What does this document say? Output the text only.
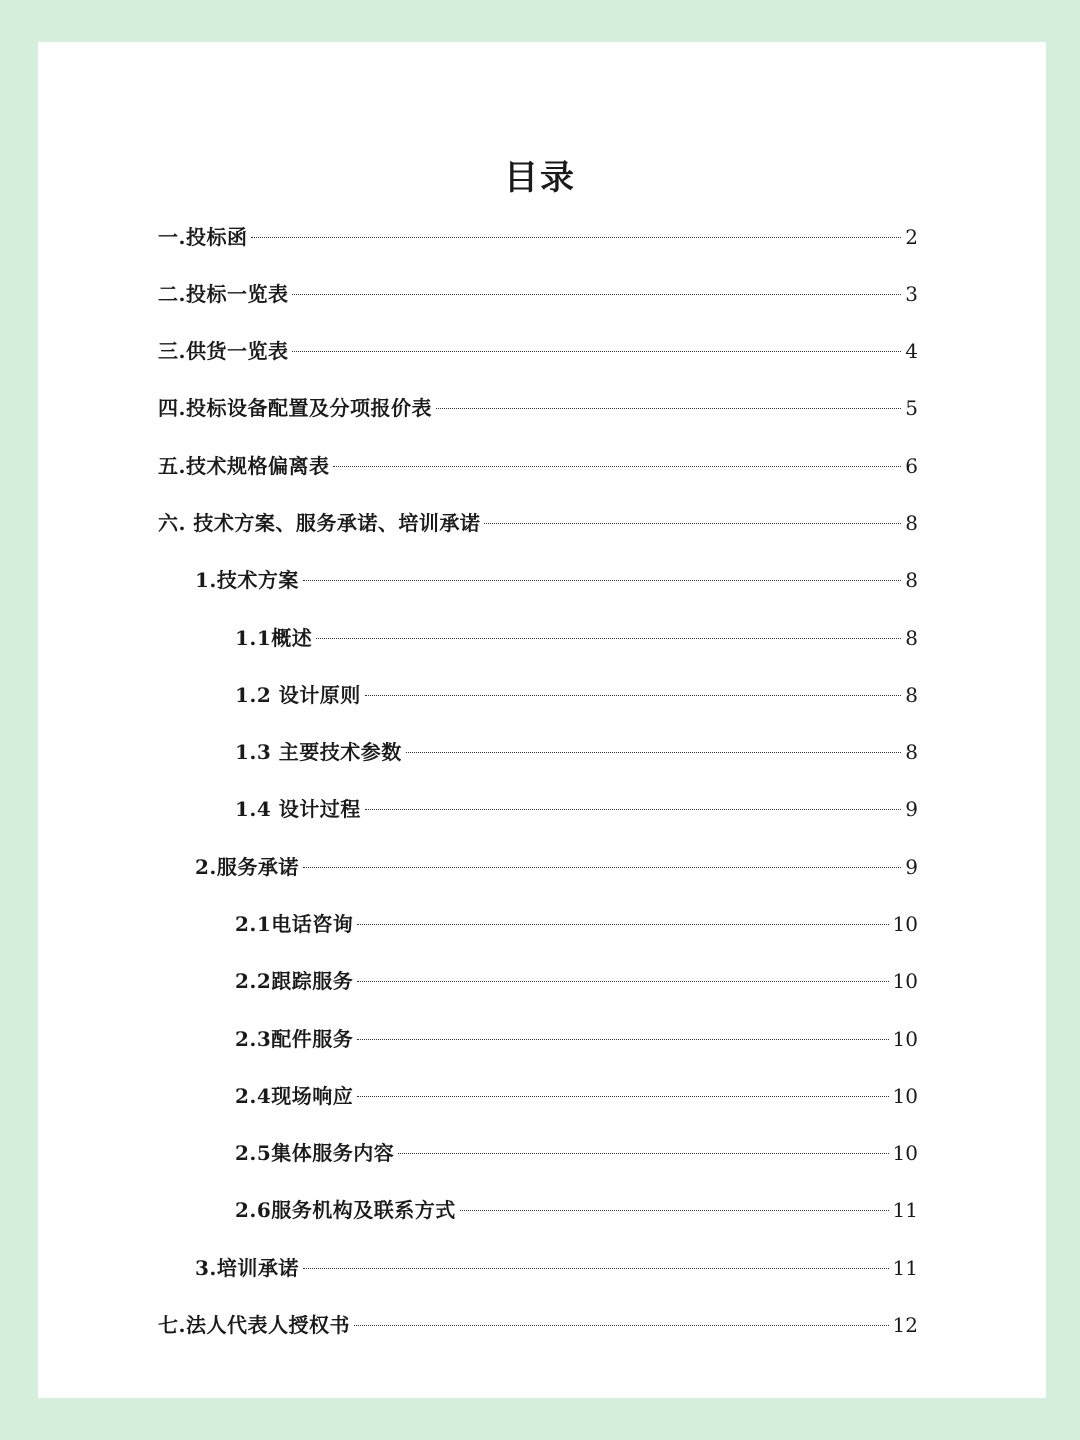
目录
一.投标函	2
二.投标一览表	3
三.供货一览表	4
四.投标设备配置及分项报价表	5
五.技术规格偏离表	6
六. 技术方案、服务承诺、培训承诺	8
1.技术方案	8
1.1概述	8
1.2 设计原则	8
1.3 主要技术参数	8
1.4 设计过程	9
2.服务承诺	9
2.1电话咨询	10
2.2跟踪服务	10
2.3配件服务	10
2.4现场响应	10
2.5集体服务内容	10
2.6服务机构及联系方式	11
3.培训承诺	11
七.法人代表人授权书	12
